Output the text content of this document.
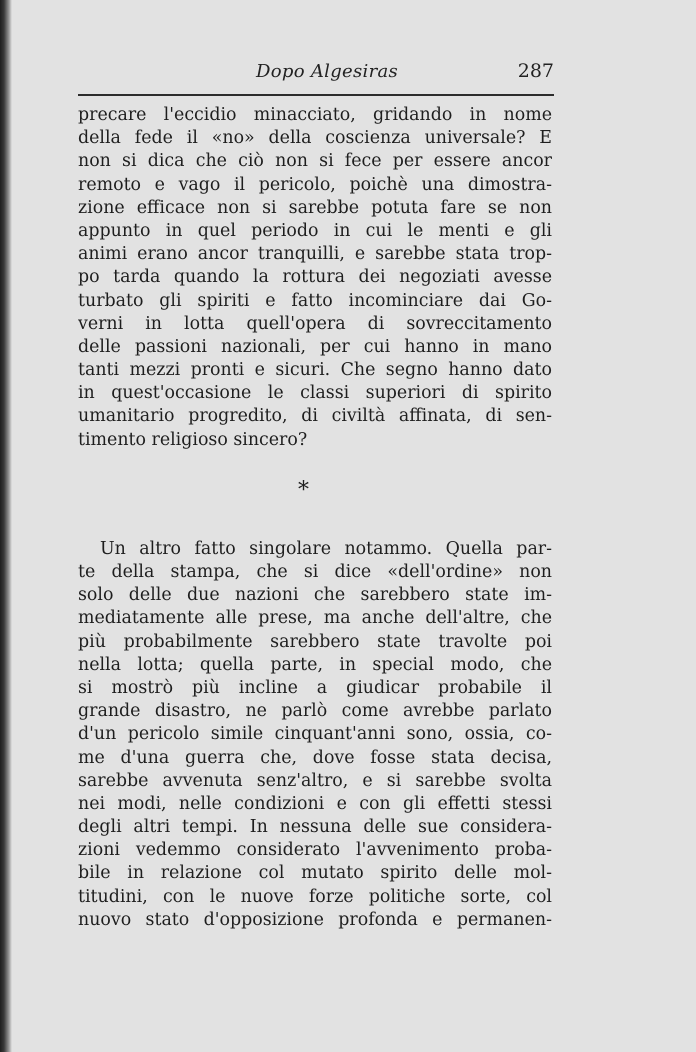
Dopo Algesiras	287
precare l'eccidio minacciato, gridando in nome
della fede il «no» della coscienza universale? E
non si dica che ciò non si fece per essere ancor
remoto e vago il pericolo, poichè una dimostra-
zione efficace non si sarebbe potuta fare se non
appunto in quel periodo in cui le menti e gli
animi erano ancor tranquilli, e sarebbe stata trop-
po tarda quando la rottura dei negoziati avesse
turbato gli spiriti e fatto incominciare dai Go-
verni in lotta quell'opera di sovreccitamento
delle passioni nazionali, per cui hanno in mano
tanti mezzi pronti e sicuri. Che segno hanno dato
in quest'occasione le classi superiori di spirito
umanitario progredito, di civiltà affinata, di sen-
timento religioso sincero?
*
Un altro fatto singolare notammo. Quella par-
te della stampa, che si dice «dell'ordine» non
solo delle due nazioni che sarebbero state im-
mediatamente alle prese, ma anche dell'altre, che
più probabilmente sarebbero state travolte poi
nella lotta; quella parte, in special modo, che
si mostrò più incline a giudicar probabile il
grande disastro, ne parlò come avrebbe parlato
d'un pericolo simile cinquant'anni sono, ossia, co-
me d'una guerra che, dove fosse stata decisa,
sarebbe avvenuta senz'altro, e si sarebbe svolta
nei modi, nelle condizioni e con gli effetti stessi
degli altri tempi. In nessuna delle sue considera-
zioni vedemmo considerato l'avvenimento proba-
bile in relazione col mutato spirito delle mol-
titudini, con le nuove forze politiche sorte, col
nuovo stato d'opposizione profonda e permanen-
